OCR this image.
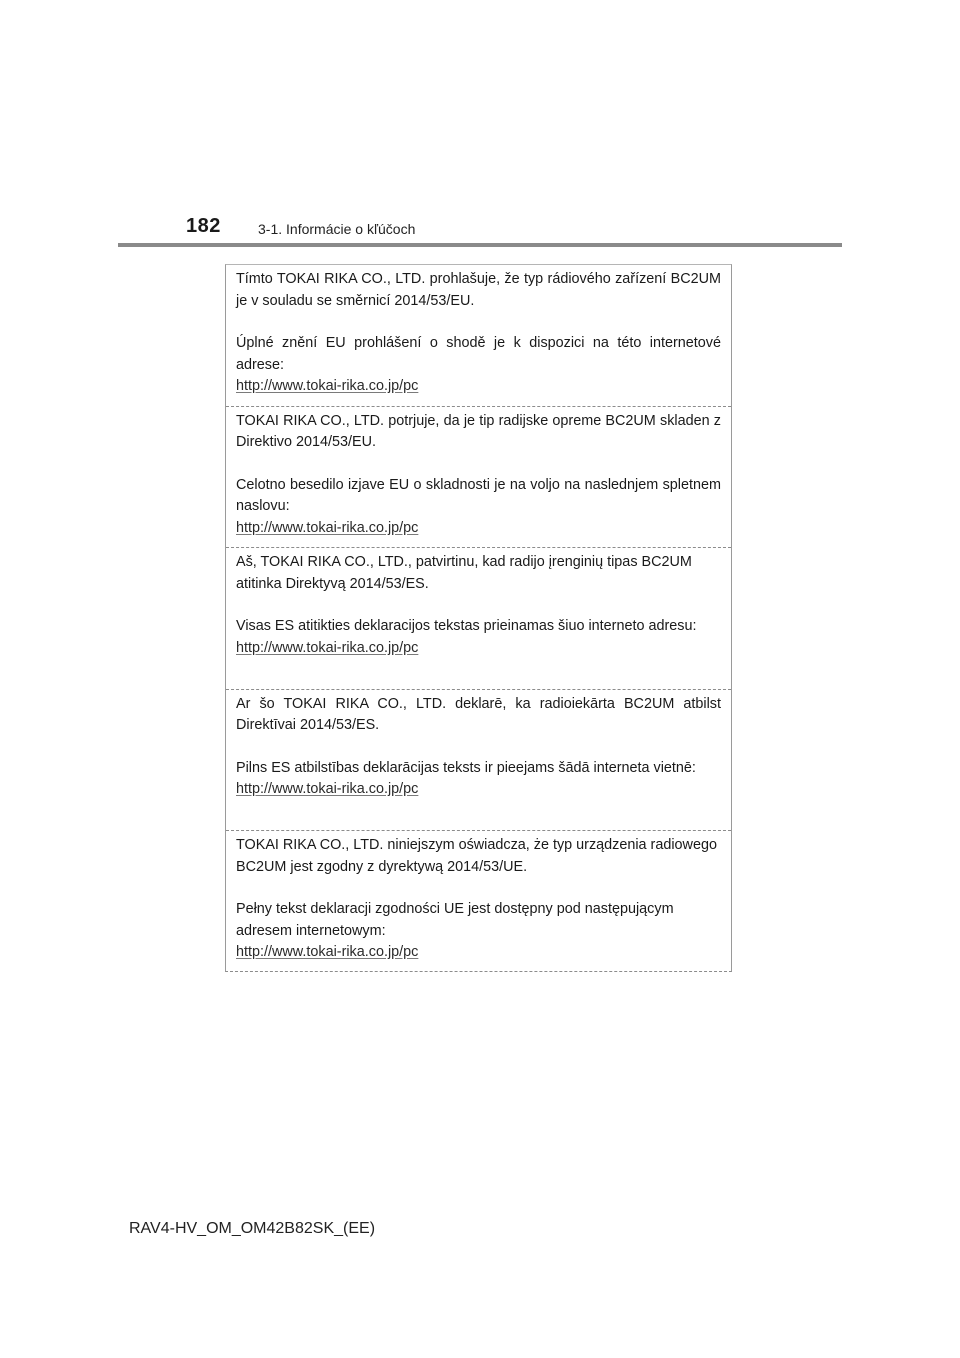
182	3-1. Informácie o kľúčoch

Tímto TOKAI RIKA CO., LTD. prohlašuje, že typ rádiového zařízení BC2UM je v souladu se směrnicí 2014/53/EU.

Úplné znění EU prohlášení o shodě je k dispozici na této internetové adrese:

http://www.tokai-rika.co.jp/pc

TOKAI RIKA CO., LTD. potrjuje, da je tip radijske opreme BC2UM skladen z Direktivo 2014/53/EU.

Celotno besedilo izjave EU o skladnosti je na voljo na naslednjem spletnem naslovu:

http://www.tokai-rika.co.jp/pc

Aš, TOKAI RIKA CO., LTD., patvirtinu, kad radijo įrenginių tipas BC2UM atitinka Direktyvą 2014/53/ES.

Visas ES atitikties deklaracijos tekstas prieinamas šiuo interneto adresu:

http://www.tokai-rika.co.jp/pc

Ar šo TOKAI RIKA CO., LTD. deklarē, ka radioiekārta BC2UM atbilst Direktīvai 2014/53/ES.

Pilns ES atbilstības deklarācijas teksts ir pieejams šādā interneta vietnē:

http://www.tokai-rika.co.jp/pc

TOKAI RIKA CO., LTD. niniejszym oświadcza, że typ urządzenia radiowego BC2UM jest zgodny z dyrektywą 2014/53/UE.

Pełny tekst deklaracji zgodności UE jest dostępny pod następującym adresem internetowym:

http://www.tokai-rika.co.jp/pc
RAV4-HV_OM_OM42B82SK_(EE)
